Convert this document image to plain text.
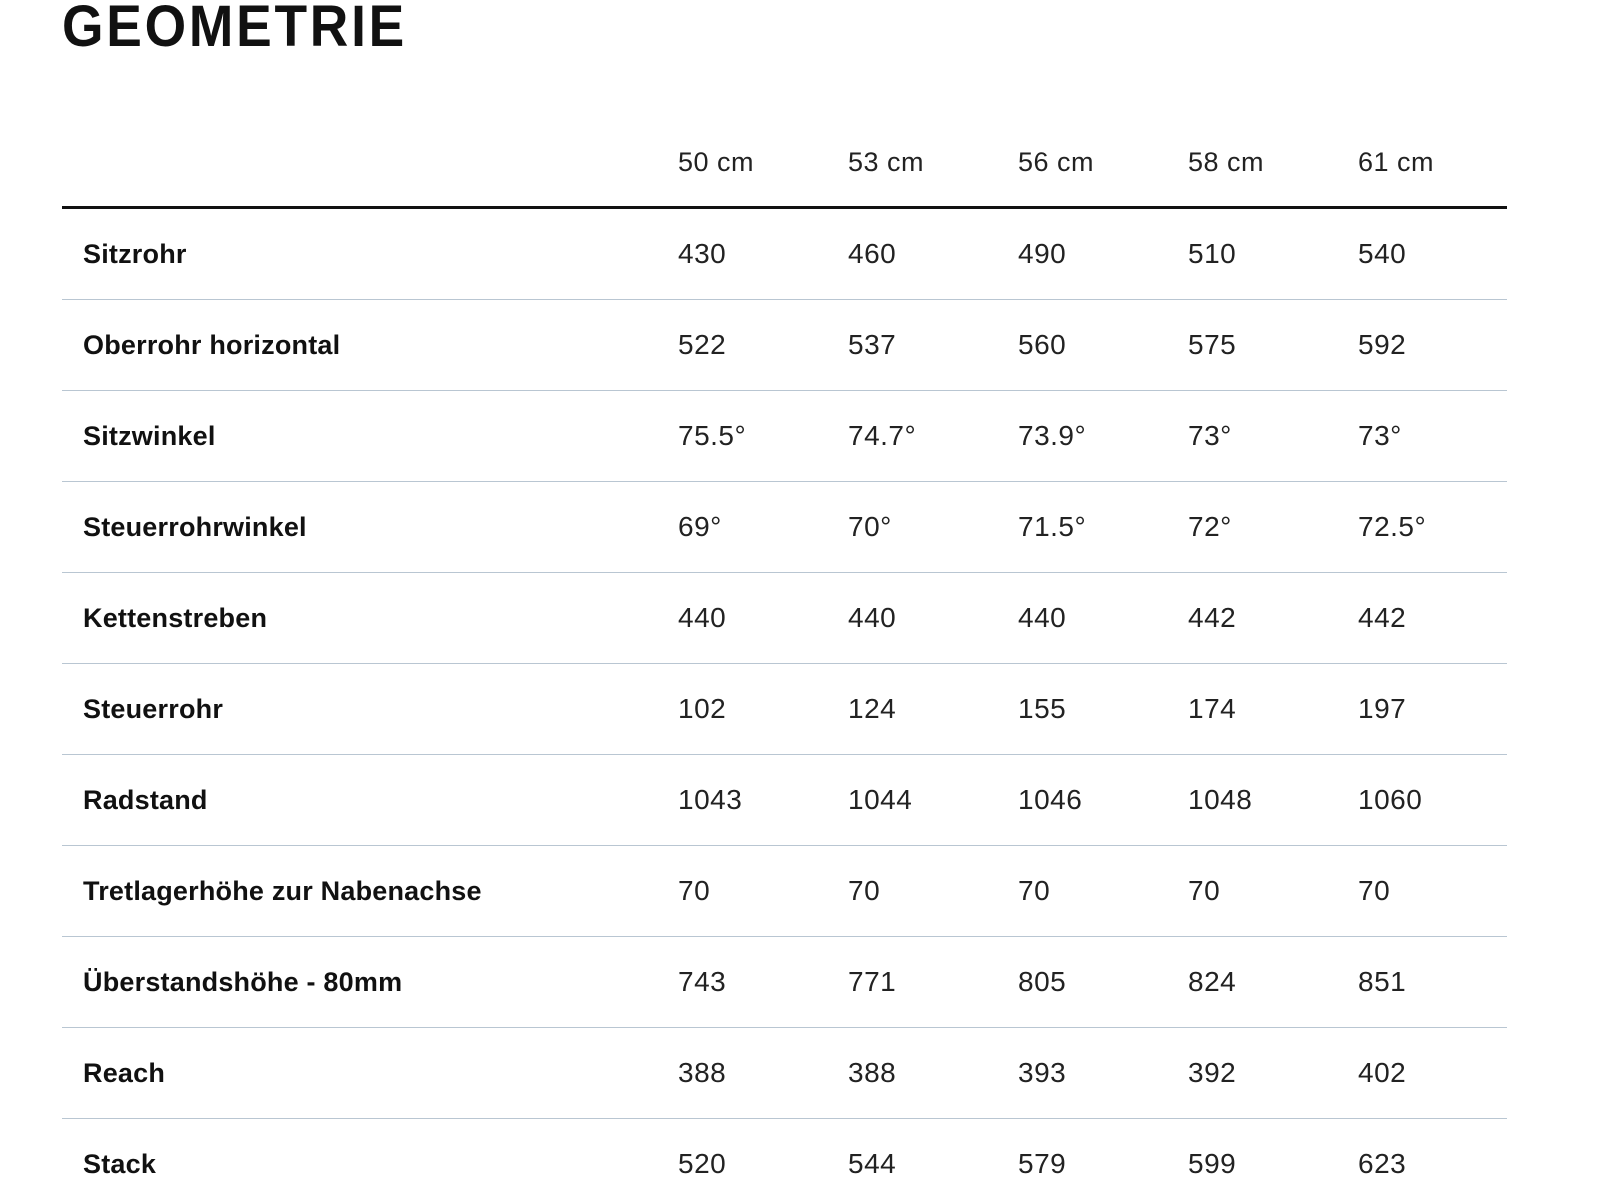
GEOMETRIE
	50 cm	53 cm	56 cm	58 cm	61 cm
Sitzrohr	430	460	490	510	540
Oberrohr horizontal	522	537	560	575	592
Sitzwinkel	75.5°	74.7°	73.9°	73°	73°
Steuerrohrwinkel	69°	70°	71.5°	72°	72.5°
Kettenstreben	440	440	440	442	442
Steuerrohr	102	124	155	174	197
Radstand	1043	1044	1046	1048	1060
Tretlagerhöhe zur Nabenachse	70	70	70	70	70
Überstandshöhe - 80mm	743	771	805	824	851
Reach	388	388	393	392	402
Stack	520	544	579	599	623
